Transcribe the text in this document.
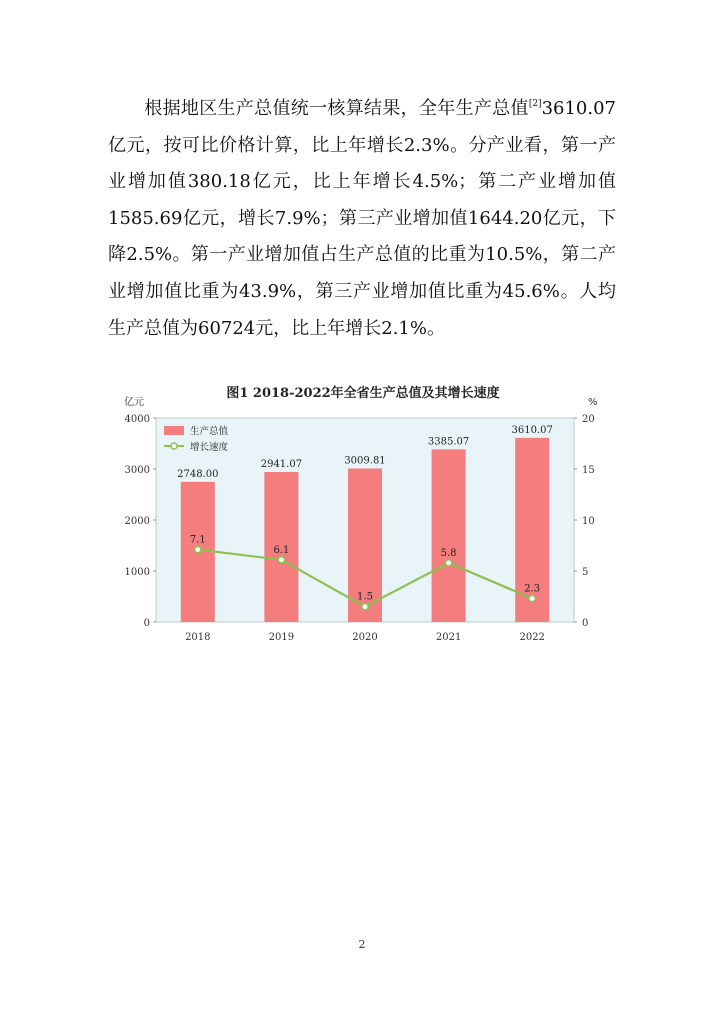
根据地区生产总值统一核算结果，全年生产总值[2]3610.07亿元，按可比价格计算，比上年增长2.3%。分产业看，第一产业增加值380.18亿元，比上年增长4.5%；第二产业增加值1585.69亿元，增长7.9%；第三产业增加值1644.20亿元，下降2.5%。第一产业增加值占生产总值的比重为10.5%，第二产业增加值比重为43.9%，第三产业增加值比重为45.6%。人均生产总值为60724元，比上年增长2.1%。

亿元
0
1000
2000
3000
4000
%
0
5
10
15
20
2748.00
2941.07	3009.81
3385.07
3610.07
7.1
6.1
1.5
5.8
2.3
2018	2019	2020	2021	2022
生产总值
增长速度
图1 2018-2022年全省生产总值及其增长速度
2
